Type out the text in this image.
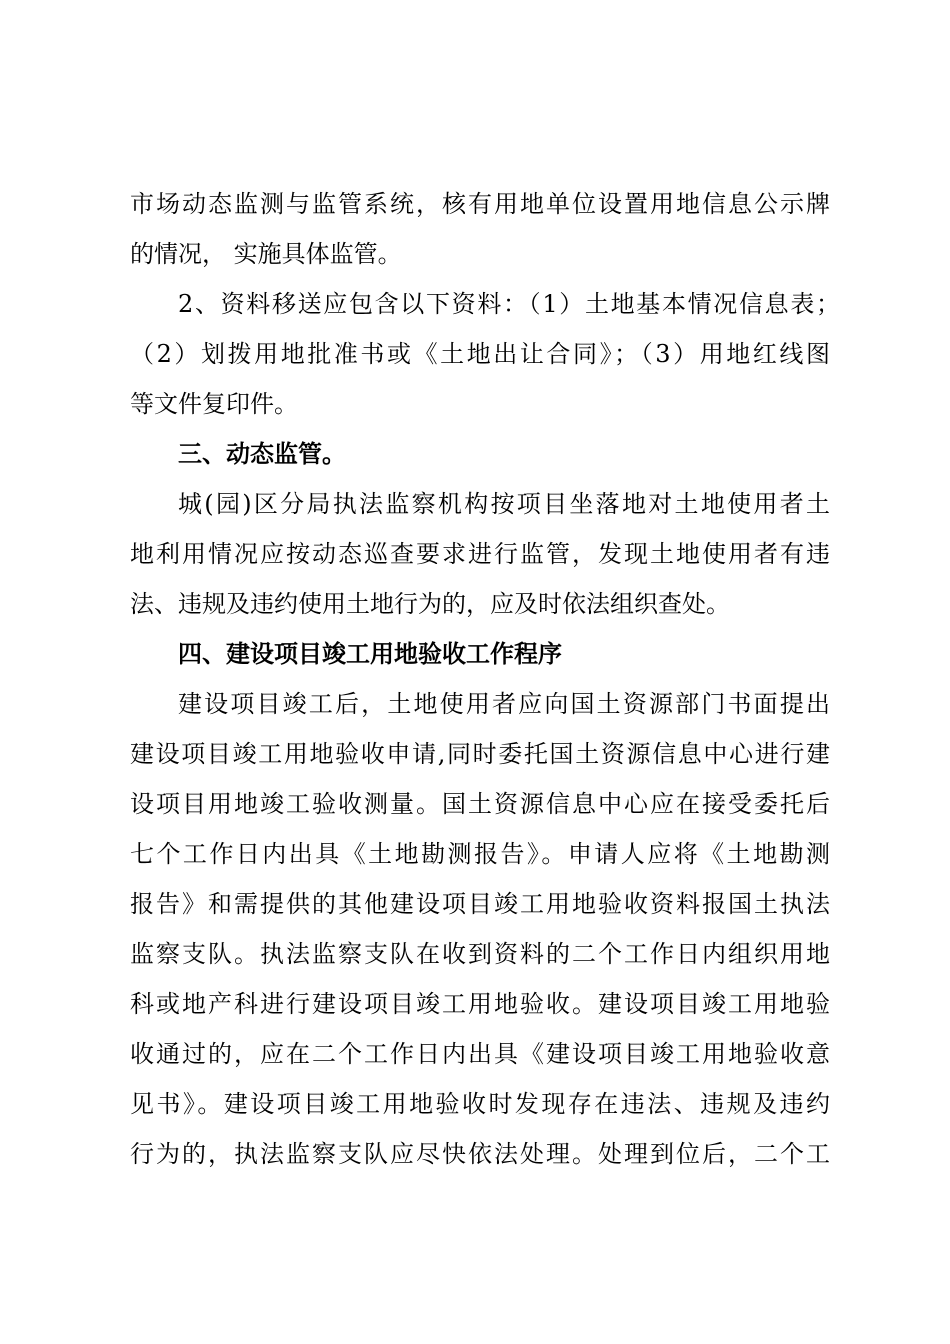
市场动态监测与监管系统，核有用地单位设置用地信息公示牌
的情况， 实施具体监管。
2、资料移送应包含以下资料：（1）土地基本情况信息表；
（2）划拨用地批准书或《土地出让合同》；（3）用地红线图
等文件复印件。
三、动态监管。
城(园)区分局执法监察机构按项目坐落地对土地使用者土
地利用情况应按动态巡查要求进行监管，发现土地使用者有违
法、违规及违约使用土地行为的，应及时依法组织查处。
四、建设项目竣工用地验收工作程序
建设项目竣工后，土地使用者应向国土资源部门书面提出
建设项目竣工用地验收申请,同时委托国土资源信息中心进行建
设项目用地竣工验收测量。国土资源信息中心应在接受委托后
七个工作日内出具《土地勘测报告》。申请人应将《土地勘测
报告》和需提供的其他建设项目竣工用地验收资料报国土执法
监察支队。执法监察支队在收到资料的二个工作日内组织用地
科或地产科进行建设项目竣工用地验收。建设项目竣工用地验
收通过的，应在二个工作日内出具《建设项目竣工用地验收意
见书》。建设项目竣工用地验收时发现存在违法、违规及违约
行为的，执法监察支队应尽快依法处理。处理到位后，二个工
